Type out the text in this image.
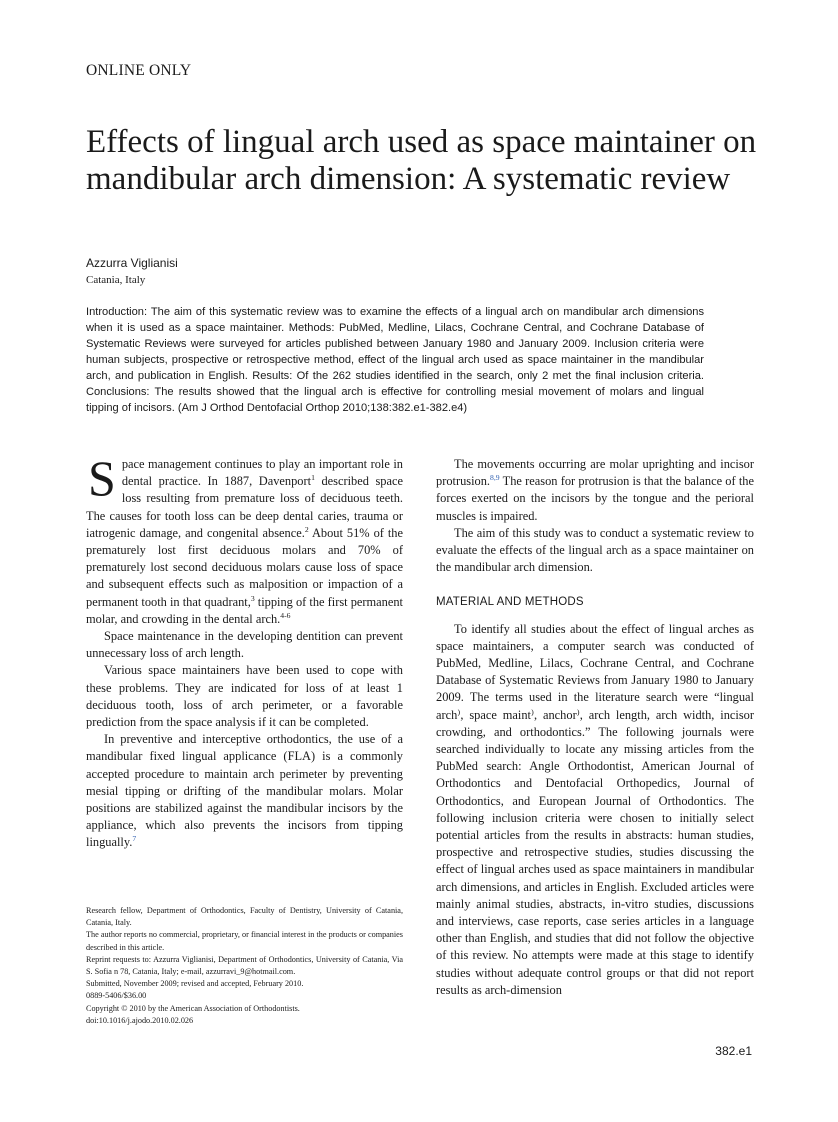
ONLINE ONLY
Effects of lingual arch used as space maintainer on mandibular arch dimension: A systematic review
Azzurra Viglianisi
Catania, Italy

Introduction: The aim of this systematic review was to examine the effects of a lingual arch on mandibular arch dimensions when it is used as a space maintainer. Methods: PubMed, Medline, Lilacs, Cochrane Central, and Cochrane Database of Systematic Reviews were surveyed for articles published between January 1980 and January 2009. Inclusion criteria were human subjects, prospective or retrospective method, effect of the lingual arch used as space maintainer in the mandibular arch, and publication in English. Results: Of the 262 studies identified in the search, only 2 met the final inclusion criteria. Conclusions: The results showed that the lingual arch is effective for controlling mesial movement of molars and lingual tipping of incisors. (Am J Orthod Dentofacial Orthop 2010;138:382.e1-382.e4)

Space management continues to play an important role in dental practice. In 1887, Davenport$^1$ described space loss resulting from premature loss of deciduous teeth. The causes for tooth loss can be deep dental caries, trauma or iatrogenic damage, and congenital absence.$^2$ About 51% of the prematurely lost first deciduous molars and 70% of prematurely lost second deciduous molars cause loss of space and subsequent effects such as malposition or impaction of a permanent tooth in that quadrant,$^3$ tipping of the first permanent molar, and crowding in the dental arch.$^{4-6}$

Space maintenance in the developing dentition can prevent unnecessary loss of arch length.

Various space maintainers have been used to cope with these problems. They are indicated for loss of at least 1 deciduous tooth, loss of arch perimeter, or a favorable prediction from the space analysis if it can be completed.

In preventive and interceptive orthodontics, the use of a mandibular fixed lingual applicance (FLA) is a commonly accepted procedure to maintain arch perimeter by preventing mesial tipping or drifting of the mandibular molars. Molar positions are stabilized against the mandibular incisors by the appliance, which also prevents the incisors from tipping lingually.$^7$

Research fellow, Department of Orthodontics, Faculty of Dentistry, University of Catania, Catania, Italy.
The author reports no commercial, proprietary, or financial interest in the products or companies described in this article.
Reprint requests to: Azzurra Viglianisi, Department of Orthodontics, University of Catania, Via S. Sofia n 78, Catania, Italy; e-mail, azzurravi_9@hotmail.com.
Submitted, November 2009; revised and accepted, February 2010.
0889-5406/$36.00
Copyright © 2010 by the American Association of Orthodontists.
doi:10.1016/j.ajodo.2010.02.026

The movements occurring are molar uprighting and incisor protrusion.$^{8,9}$ The reason for protrusion is that the balance of the forces exerted on the incisors by the tongue and the perioral muscles is impaired.

The aim of this study was to conduct a systematic review to evaluate the effects of the lingual arch as a space maintainer on the mandibular arch dimension.

MATERIAL AND METHODS

To identify all studies about the effect of lingual arches as space maintainers, a computer search was conducted of PubMed, Medline, Lilacs, Cochrane Central, and Cochrane Database of Systematic Reviews from January 1980 to January 2009. The terms used in the literature search were “lingual arch⁾, space maint⁾, anchor⁾, arch length, arch width, incisor crowding, and orthodontics.” The following journals were searched individually to locate any missing articles from the PubMed search: Angle Orthodontist, American Journal of Orthodontics and Dentofacial Orthopedics, Journal of Orthodontics, and European Journal of Orthodontics. The following inclusion criteria were chosen to initially select potential articles from the results in abstracts: human studies, prospective and retrospective studies, studies discussing the effect of lingual arches used as space maintainers in mandibular arch dimensions, and articles in English. Excluded articles were mainly animal studies, abstracts, in-vitro studies, discussions and interviews, case reports, case series articles in a language other than English, and studies that did not follow the objective of this review. No attempts were made at this stage to identify studies without adequate control groups or that did not report results as arch-dimension

382.e1
